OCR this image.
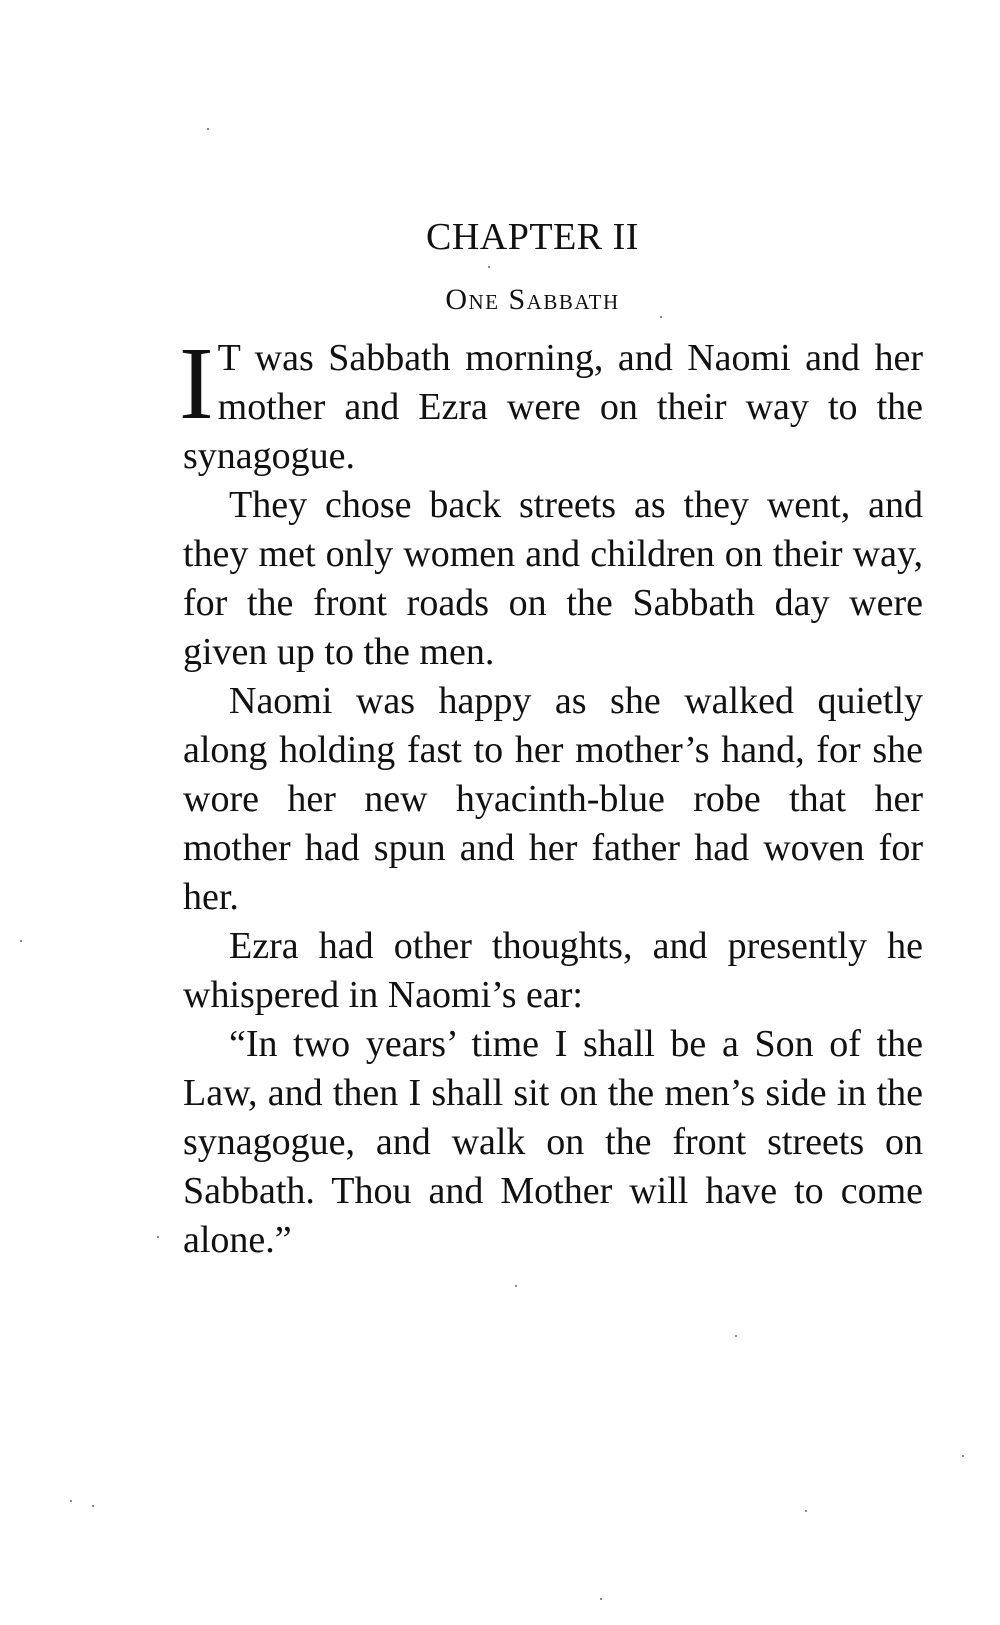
CHAPTER II
One Sabbath

I T was Sabbath morning, and Naomi and her mother and Ezra were on their way to the synagogue.

They chose back streets as they went, and they met only women and children on their way, for the front roads on the Sabbath day were given up to the men.

Naomi was happy as she walked quietly along holding fast to her mother’s hand, for she wore her new hyacinth-blue robe that her mother had spun and her father had woven for her.

Ezra had other thoughts, and presently he whispered in Naomi’s ear:

“In two years’ time I shall be a Son of the Law, and then I shall sit on the men’s side in the synagogue, and walk on the front streets on Sabbath. Thou and Mother will have to come alone.”
